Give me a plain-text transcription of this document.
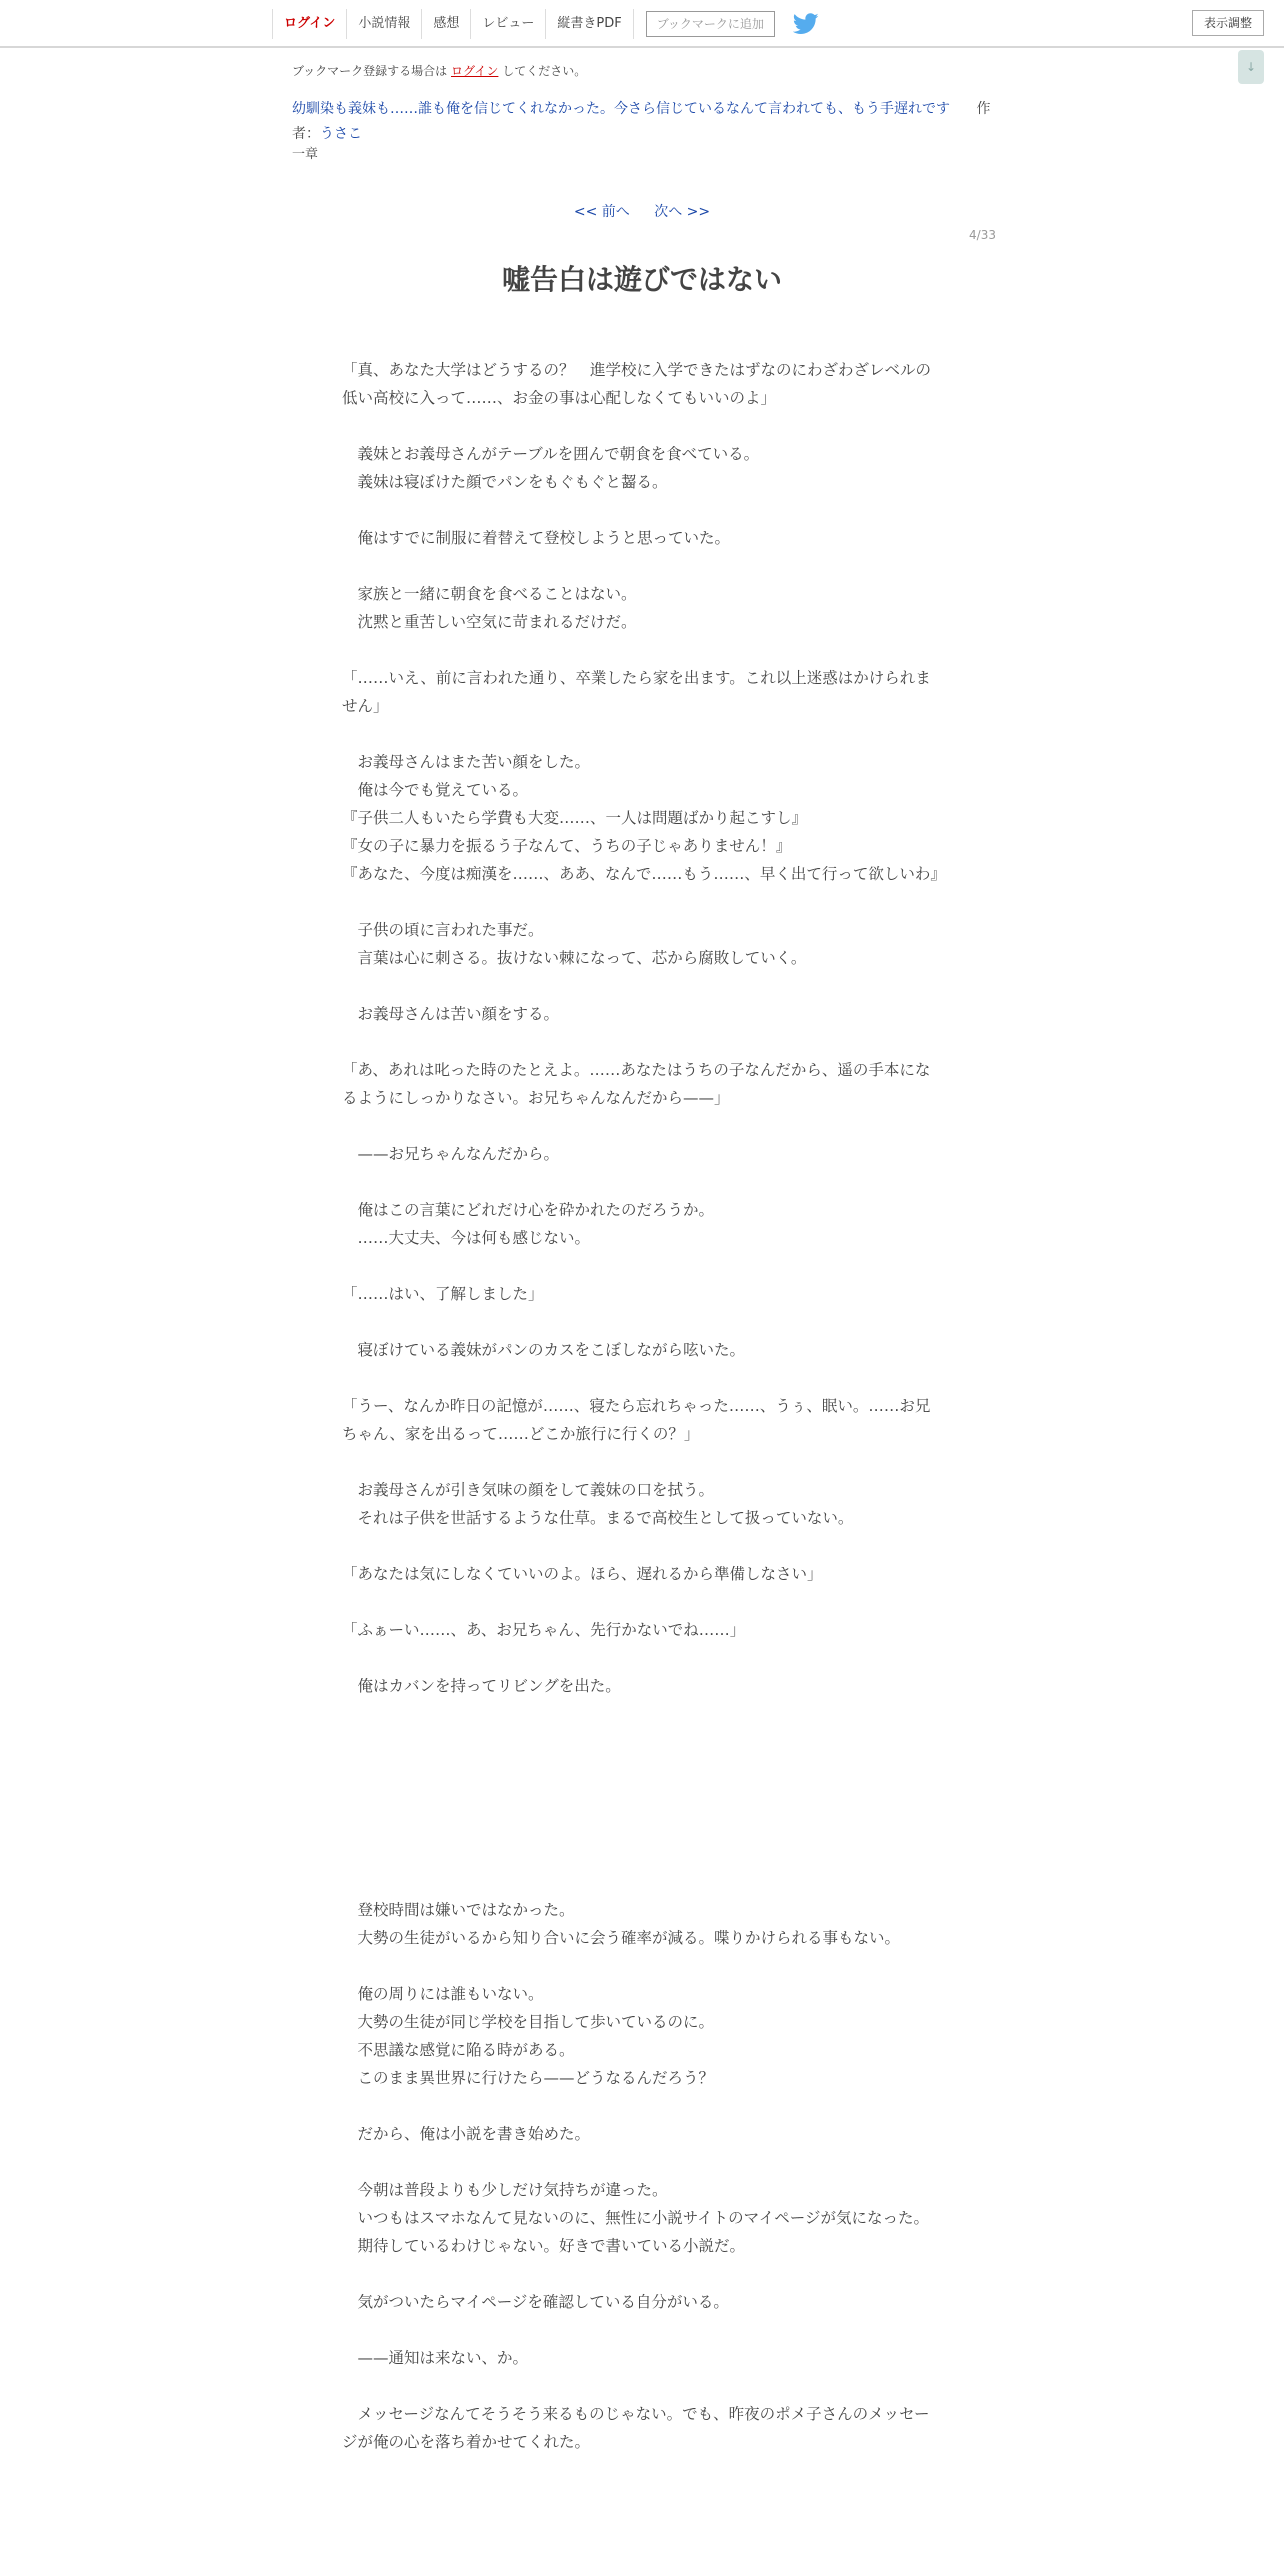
ログイン	小説情報	感想	レビュー	縦書きPDF	ブックマークに追加	表示調整
↓
ブックマーク登録する場合は ログイン してください。
幼馴染も義妹も……誰も俺を信じてくれなかった。今さら信じているなんて言われても、もう手遅れです 作者：うさこ
一章
<< 前へ 次へ >>
4/33
嘘告白は遊びではない

「真、あなた大学はどうするの？　進学校に入学できたはずなのにわざわざレベルの低い高校に入って……、お金の事は心配しなくてもいいのよ」

　義妹とお義母さんがテーブルを囲んで朝食を食べている。

　義妹は寝ぼけた顔でパンをもぐもぐと齧る。

　俺はすでに制服に着替えて登校しようと思っていた。

　家族と一緒に朝食を食べることはない。

　沈黙と重苦しい空気に苛まれるだけだ。

「……いえ、前に言われた通り、卒業したら家を出ます。これ以上迷惑はかけられません」

　お義母さんはまた苦い顔をした。

　俺は今でも覚えている。

『子供二人もいたら学費も大変……、一人は問題ばかり起こすし』

『女の子に暴力を振るう子なんて、うちの子じゃありません！』

『あなた、今度は痴漢を……、ああ、なんで……もう……、早く出て行って欲しいわ』

　子供の頃に言われた事だ。

　言葉は心に刺さる。抜けない棘になって、芯から腐敗していく。

　お義母さんは苦い顔をする。

「あ、あれは叱った時のたとえよ。……あなたはうちの子なんだから、遥の手本になるようにしっかりなさい。お兄ちゃんなんだから——」

　——お兄ちゃんなんだから。

　俺はこの言葉にどれだけ心を砕かれたのだろうか。

　……大丈夫、今は何も感じない。

「……はい、了解しました」

　寝ぼけている義妹がパンのカスをこぼしながら呟いた。

「うー、なんか昨日の記憶が……、寝たら忘れちゃった……、うぅ、眠い。……お兄ちゃん、家を出るって……どこか旅行に行くの？」

　お義母さんが引き気味の顔をして義妹の口を拭う。

　それは子供を世話するような仕草。まるで高校生として扱っていない。

「あなたは気にしなくていいのよ。ほら、遅れるから準備しなさい」

「ふぁーい……、あ、お兄ちゃん、先行かないでね……」

　俺はカバンを持ってリビングを出た。

　登校時間は嫌いではなかった。

　大勢の生徒がいるから知り合いに会う確率が減る。喋りかけられる事もない。

　俺の周りには誰もいない。

　大勢の生徒が同じ学校を目指して歩いているのに。

　不思議な感覚に陥る時がある。

　このまま異世界に行けたら——どうなるんだろう？

　だから、俺は小説を書き始めた。

　今朝は普段よりも少しだけ気持ちが違った。

　いつもはスマホなんて見ないのに、無性に小説サイトのマイページが気になった。

　期待しているわけじゃない。好きで書いている小説だ。

　気がついたらマイページを確認している自分がいる。

　——通知は来ない、か。

　メッセージなんてそうそう来るものじゃない。でも、昨夜のポメ子さんのメッセージが俺の心を落ち着かせてくれた。
